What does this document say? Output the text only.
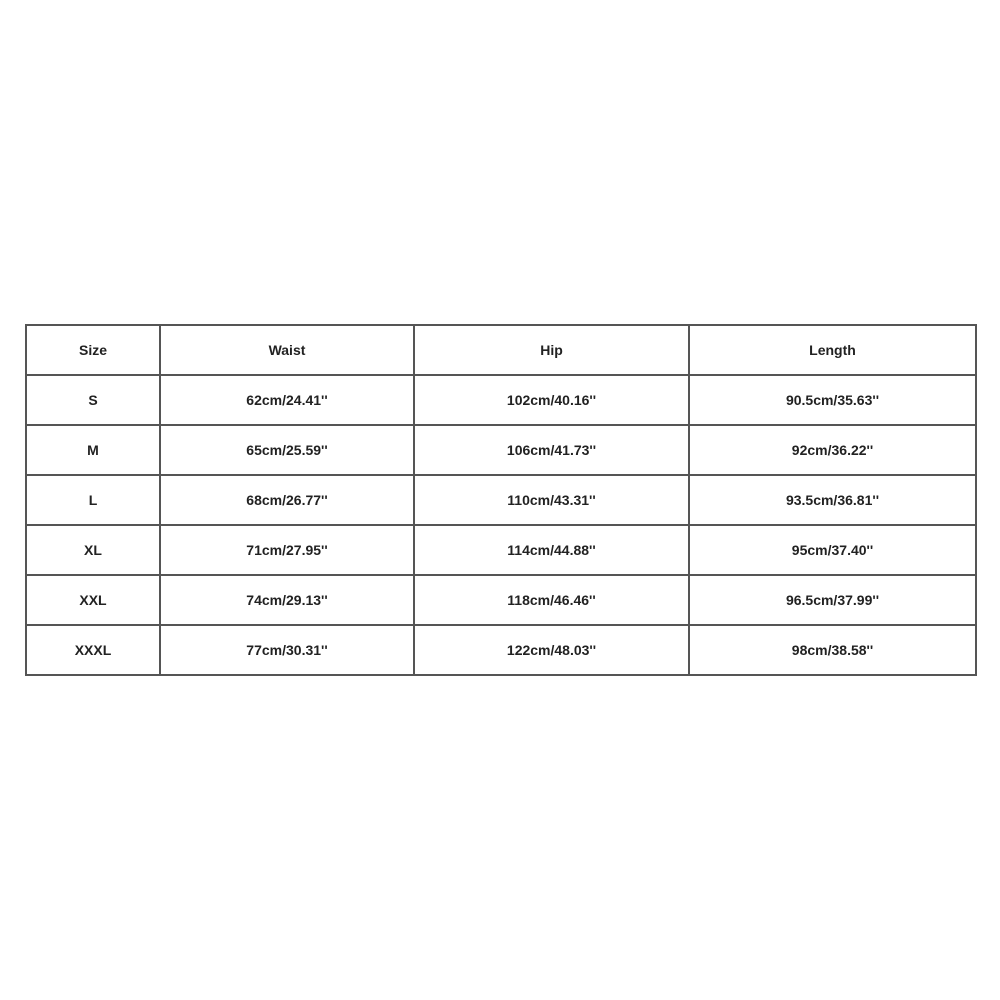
Size	Waist	Hip	Length
S	62cm/24.41''	102cm/40.16''	90.5cm/35.63''
M	65cm/25.59''	106cm/41.73''	92cm/36.22''
L	68cm/26.77''	110cm/43.31''	93.5cm/36.81''
XL	71cm/27.95''	114cm/44.88''	95cm/37.40''
XXL	74cm/29.13''	118cm/46.46''	96.5cm/37.99''
XXXL	77cm/30.31''	122cm/48.03''	98cm/38.58''
